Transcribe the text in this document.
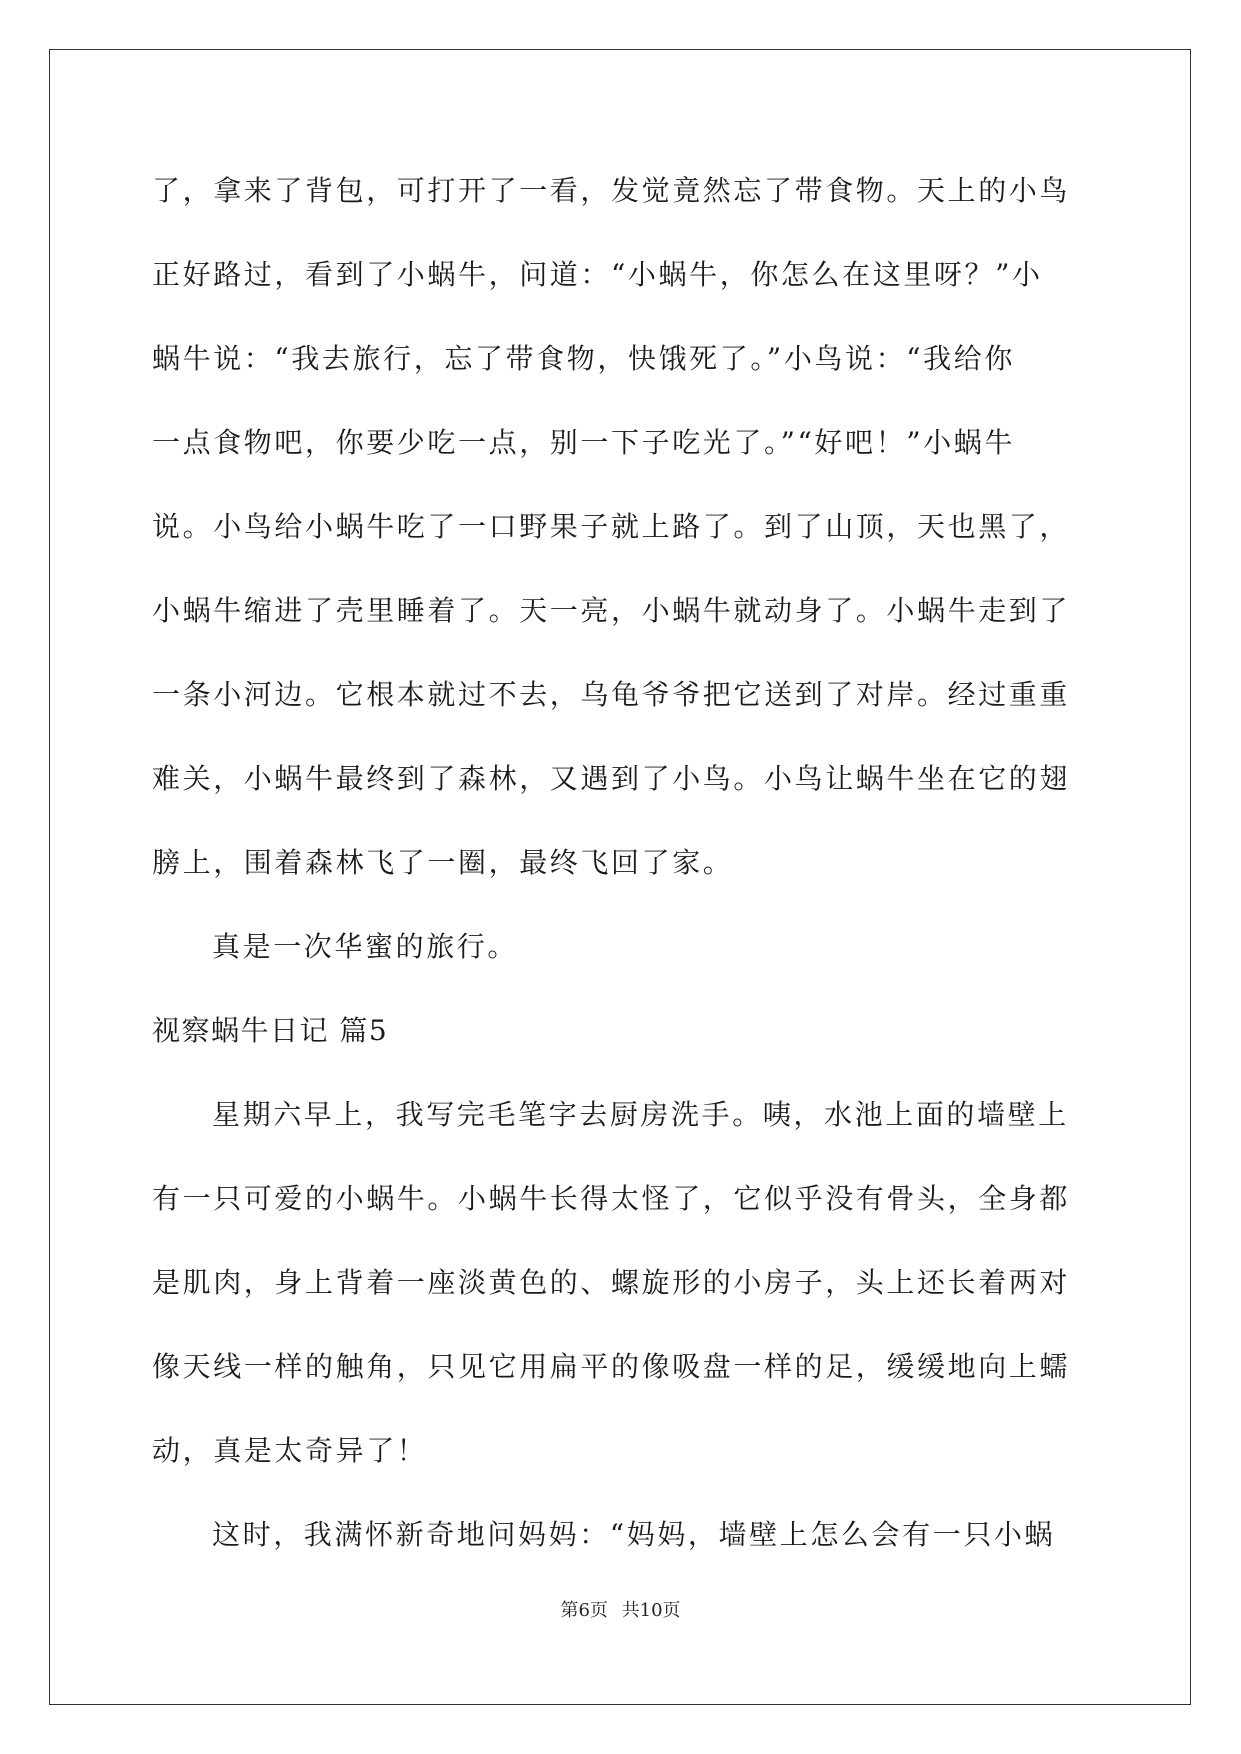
了，拿来了背包，可打开了一看，发觉竟然忘了带食物。天上的小鸟
正好路过，看到了小蜗牛，问道：“小蜗牛，你怎么在这里呀？”小
蜗牛说：“我去旅行，忘了带食物，快饿死了。”小鸟说：“我给你
一点食物吧，你要少吃一点，别一下子吃光了。”“好吧！”小蜗牛
说。小鸟给小蜗牛吃了一口野果子就上路了。到了山顶，天也黑了，
小蜗牛缩进了壳里睡着了。天一亮，小蜗牛就动身了。小蜗牛走到了
一条小河边。它根本就过不去，乌龟爷爷把它送到了对岸。经过重重
难关，小蜗牛最终到了森林，又遇到了小鸟。小鸟让蜗牛坐在它的翅
膀上，围着森林飞了一圈，最终飞回了家。
真是一次华蜜的旅行。
视察蜗牛日记 篇5
星期六早上，我写完毛笔字去厨房洗手。咦，水池上面的墙壁上
有一只可爱的小蜗牛。小蜗牛长得太怪了，它似乎没有骨头，全身都
是肌肉，身上背着一座淡黄色的、螺旋形的小房子，头上还长着两对
像天线一样的触角，只见它用扁平的像吸盘一样的足，缓缓地向上蠕
动，真是太奇异了！
这时，我满怀新奇地问妈妈：“妈妈，墙壁上怎么会有一只小蜗
第6页 共10页
